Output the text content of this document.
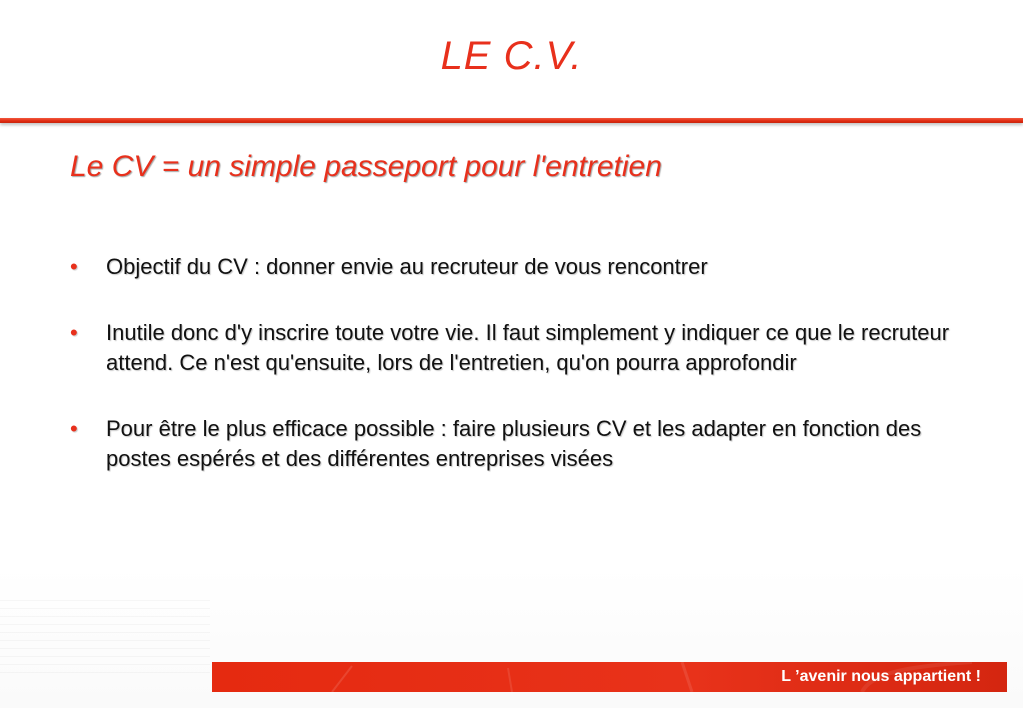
LE C.V.
Le CV = un simple passeport pour l'entretien
• Objectif du CV : donner envie au recruteur de vous rencontrer
• Inutile donc d'y inscrire toute votre vie. Il faut simplement y indiquer ce que le recruteur attend. Ce n'est qu'ensuite, lors de l'entretien, qu'on pourra approfondir
• Pour être le plus efficace possible : faire plusieurs CV et les adapter en fonction des postes espérés et des différentes entreprises visées
L ’avenir nous appartient !
